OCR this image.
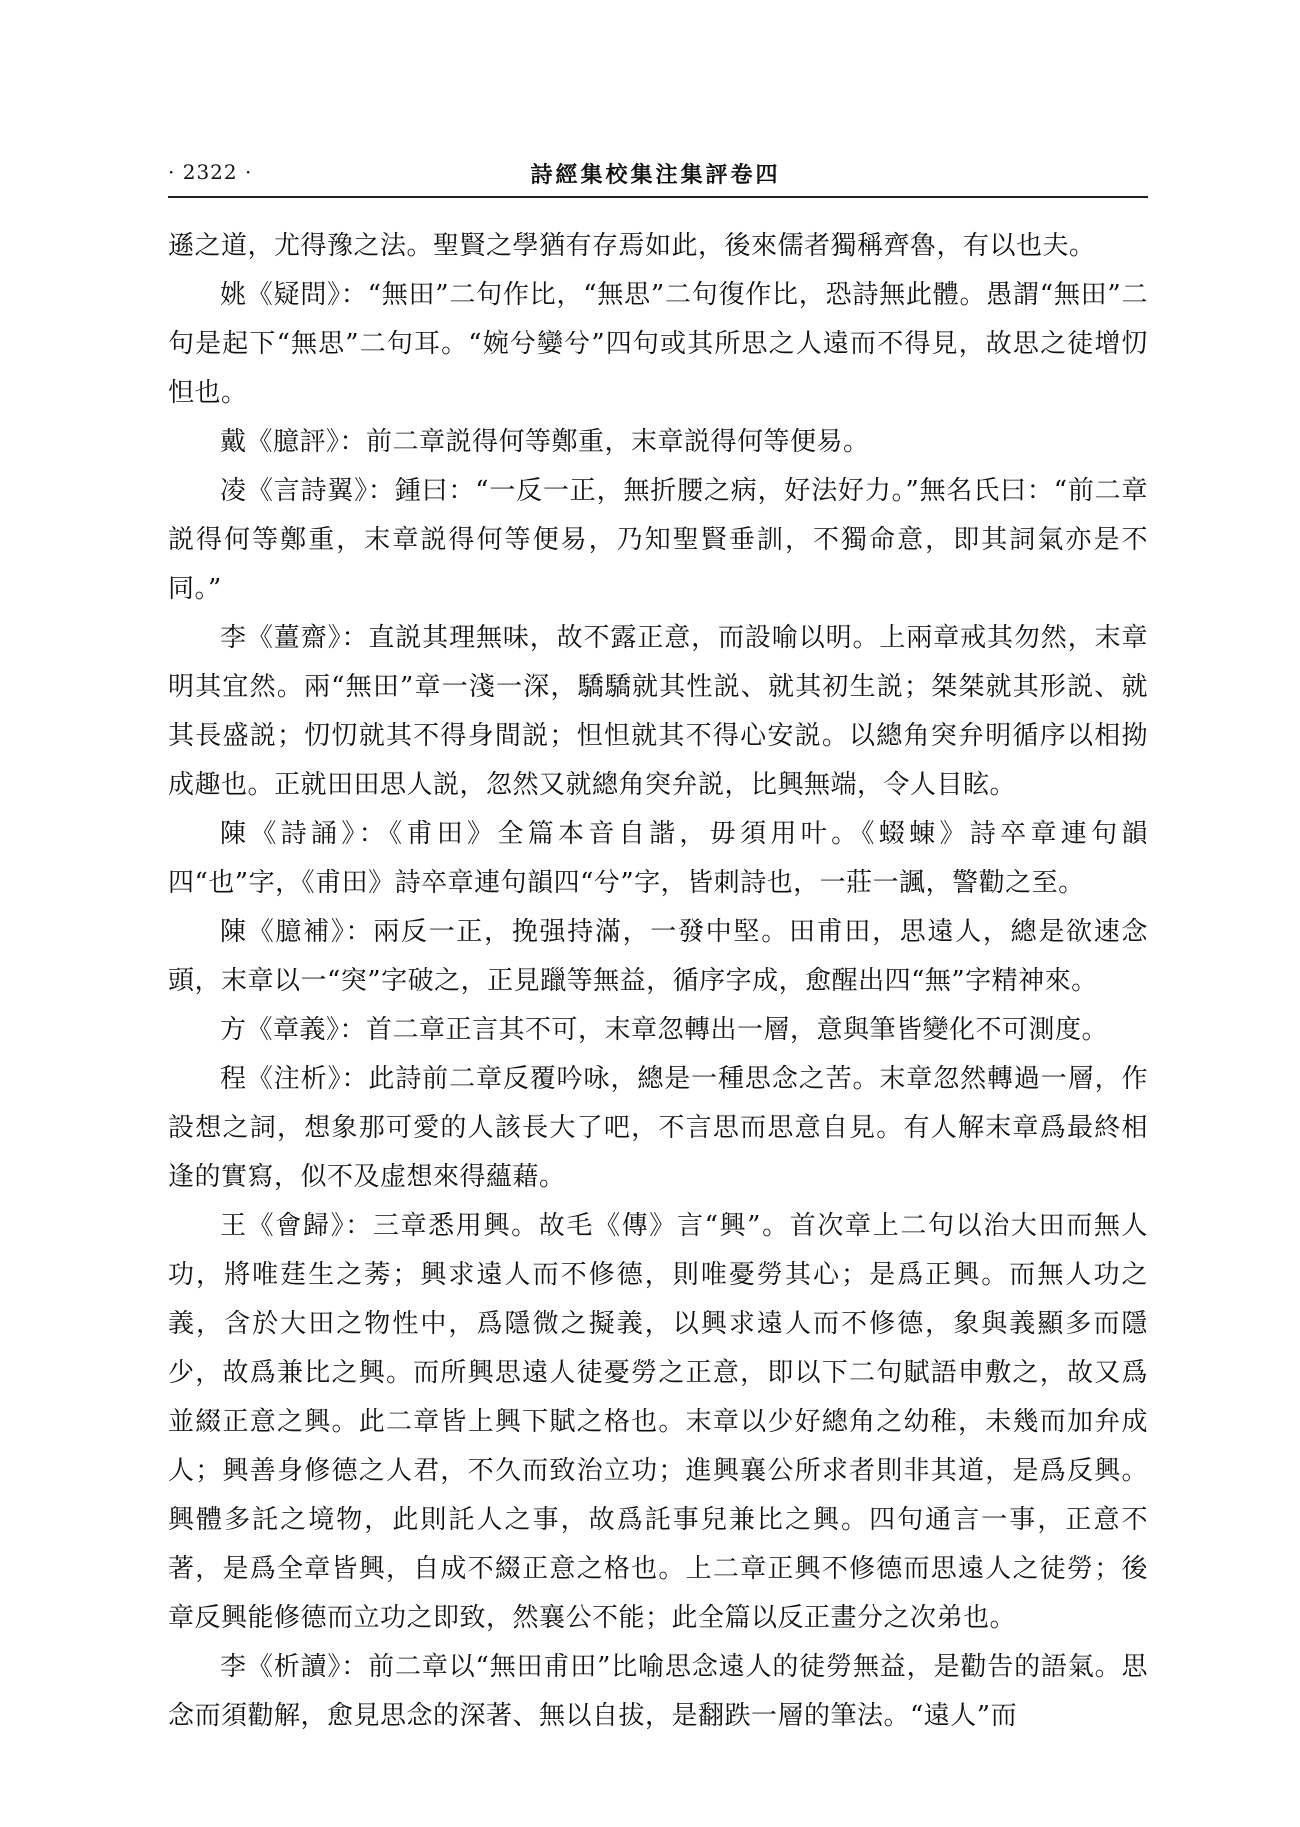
· 2322 ·	詩經集校集注集評卷四

遜之道，尤得豫之法。聖賢之學猶有存焉如此，後來儒者獨稱齊魯，有以也夫。

姚《疑問》：“無田”二句作比，“無思”二句復作比，恐詩無此體。愚謂“無田”二句是起下“無思”二句耳。“婉兮孌兮”四句或其所思之人遠而不得見，故思之徒增忉怛也。

戴《臆評》：前二章説得何等鄭重，末章説得何等便易。

凌《言詩翼》：鍾曰：“一反一正，無折腰之病，好法好力。”無名氏曰：“前二章説得何等鄭重，末章説得何等便易，乃知聖賢垂訓，不獨命意，即其詞氣亦是不同。”

李《薑齋》：直説其理無味，故不露正意，而設喻以明。上兩章戒其勿然，末章明其宜然。兩“無田”章一淺一深，驕驕就其性説、就其初生説；桀桀就其形説、就其長盛説；忉忉就其不得身間説；怛怛就其不得心安説。以總角突弁明循序以相拗成趣也。正就田田思人説，忽然又就總角突弁説，比興無端，令人目眩。

陳《詩誦》：《甫田》全篇本音自諧，毋須用叶。《蝃蝀》詩卒章連句韻四“也”字，《甫田》詩卒章連句韻四“兮”字，皆刺詩也，一莊一諷，警勸之至。

陳《臆補》：兩反一正，挽强持滿，一發中堅。田甫田，思遠人，總是欲速念頭，末章以一“突”字破之，正見躐等無益，循序字成，愈醒出四“無”字精神來。

方《章義》：首二章正言其不可，末章忽轉出一層，意與筆皆變化不可測度。

程《注析》：此詩前二章反覆吟咏，總是一種思念之苦。末章忽然轉過一層，作設想之詞，想象那可愛的人該長大了吧，不言思而思意自見。有人解末章爲最終相逢的實寫，似不及虚想來得蘊藉。

王《會歸》：三章悉用興。故毛《傳》言“興”。首次章上二句以治大田而無人功，將唯莛生之莠；興求遠人而不修德，則唯憂勞其心；是爲正興。而無人功之義，含於大田之物性中，爲隱微之擬義，以興求遠人而不修德，象與義顯多而隱少，故爲兼比之興。而所興思遠人徒憂勞之正意，即以下二句賦語申敷之，故又爲並綴正意之興。此二章皆上興下賦之格也。末章以少好總角之幼稚，未幾而加弁成人；興善身修德之人君，不久而致治立功；進興襄公所求者則非其道，是爲反興。興體多託之境物，此則託人之事，故爲託事兒兼比之興。四句通言一事，正意不著，是爲全章皆興，自成不綴正意之格也。上二章正興不修德而思遠人之徒勞；後章反興能修德而立功之即致，然襄公不能；此全篇以反正畫分之次弟也。

李《析讀》：前二章以“無田甫田”比喻思念遠人的徒勞無益，是勸告的語氣。思念而須勸解，愈見思念的深著、無以自拔，是翻跌一層的筆法。“遠人”而
